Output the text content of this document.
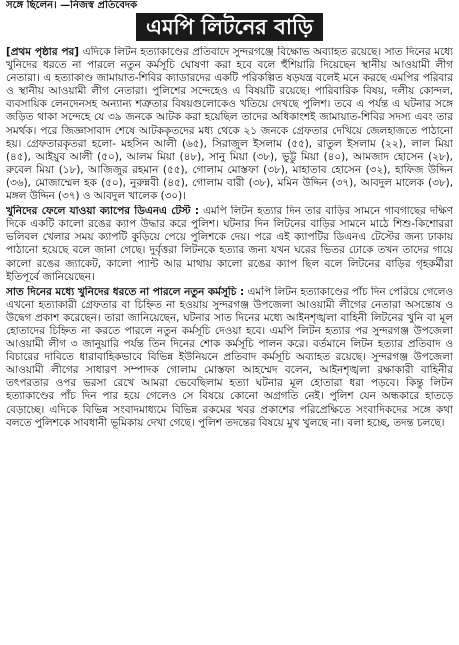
সঙ্গে ছিলেন। —নিজস্ব প্রতিবেদক
এমপি লিটনের বাড়ি

[প্রথম পৃষ্ঠার পর] এদিকে লিটন হত্যাকাণ্ডের প্রতিবাদে সুন্দরগঞ্জে বিক্ষোভ অব্যাহত রয়েছে। সাত দিনের মধ্যে খুনিদের ধরতে না পারলে নতুন কর্মসূচি ঘোষণা করা হবে বলে হুঁশিয়ারি দিয়েছেন স্থানীয় আওয়ামী লীগ নেতারা। এ হত্যাকাণ্ড জামায়াত-শিবির ক্যাডারদের একটি পরিকল্পিত ষড়যন্ত্র বলেই মনে করছে এমপির পরিবার ও স্থানীয় আওয়ামী লীগ নেতারা। পুলিশের সন্দেহেও এ বিষয়টি রয়েছে। পারিবারিক বিষয়, দলীয় কোন্দল, ব্যবসায়িক লেনদেনসহ অন্যান্য শত্রুতার বিষয়গুলোকেও খতিয়ে দেখছে পুলিশ। তবে এ পর্যন্ত এ ঘটনার সঙ্গে জড়িত থাকা সন্দেহে যে ৩৯ জনকে আটক করা হয়েছিল তাদের অধিকাংশই জামায়াত-শিবির সদস্য এবং তার সমর্থক। পরে জিজ্ঞাসাবাদ শেষে আটককৃতদের মধ্য থেকে ২১ জনকে গ্রেফতার দেখিয়ে জেলহাজতে পাঠানো হয়। গ্রেফতারকৃতরা হলো- মহসিন আলী (৬৫), সিরাজুল ইসলাম (৫৫), রাতুল ইসলাম (২২), লাল মিয়া (৪৫), আইয়ুব আলী (৫০), আলম মিয়া (৪৮), সানু মিয়া (৩৮), ভুট্টু মিয়া (৪০), আমজাদ হোসেন (২৮), রুবেল মিয়া (১৮), আজিজুর রহমান (৫৫), গোলাম মোস্তফা (৩৮), মাহাতাব হোসেন (৩২), হাফিজ উদ্দিন (৩৬), মোজাম্মেল হক (৫০), নুরুন্নবী (৪৫), গোলাম বারী (৩৮), মমিন উদ্দিন (৩৭), আবদুল মালেক (৩৮), মঙ্গল উদ্দিন (৩৭) ও আবদুল খালেক (৩০)।

খুনিদের ফেলে যাওয়া ক্যাপের ডিএনএ টেস্ট : এমপি লিটন হত্যার দিন তার বাড়ির সামনে গাবগাছের দক্ষিণ দিকে একটি কালো রঙের ক্যাপ উদ্ধার করে পুলিশ। ঘটনার দিন লিটনের বাড়ির সামনে মাঠে শিশু-কিশোররা ভলিবল খেলার সময় ক্যাপটি কুড়িয়ে পেয়ে পুলিশকে দেয়। পরে এই ক্যাপটির ডিএনএ টেস্টের জন্য ঢাকায় পাঠানো হয়েছে বলে জানা গেছে। দুর্বৃত্তরা লিটনকে হত্যার জন্য যখন ঘরের ভিতর ঢোকে তখন তাদের গায়ে কালো রঙের জ্যাকেট, কালো প্যান্ট আর মাথায় কালো রঙের ক্যাপ ছিল বলে লিটনের বাড়ির গৃহকর্মীরা ইতিপূর্বে জানিয়েছেন।

সাত দিনের মধ্যে খুনিদের ধরতে না পারলে নতুন কর্মসূচি : এমপি লিটন হত্যাকাণ্ডের পাঁচ দিন পেরিয়ে গেলেও এখনো হত্যাকারী গ্রেফতার বা চিহ্নিত না হওয়ায় সুন্দরগঞ্জ উপজেলা আওয়ামী লীগের নেতারা অসন্তোষ ও উদ্বেগ প্রকাশ করেছেন। তারা জানিয়েছেন, ঘটনার সাত দিনের মধ্যে আইনশৃঙ্খলা বাহিনী লিটনের খুনি বা মূল হোতাদের চিহ্নিত না করতে পারলে নতুন কর্মসূচি দেওয়া হবে। এমপি লিটন হত্যার পর সুন্দরগঞ্জ উপজেলা আওয়ামী লীগ ৩ জানুয়ারি পর্যন্ত তিন দিনের শোক কর্মসূচি পালন করে। বর্তমানে লিটন হত্যার প্রতিবাদ ও বিচারের দাবিতে ধারাবাহিকভাবে বিভিন্ন ইউনিয়নে প্রতিবাদ কর্মসূচি অব্যাহত রয়েছে। সুন্দরগঞ্জ উপজেলা আওয়ামী লীগের সাধারণ সম্পাদক গোলাম মোস্তফা আহম্মেদ বলেন, আইনশৃঙ্খলা রক্ষাকারী বাহিনীর তৎপরতার ওপর ভরসা রেখে আমরা ভেবেছিলাম হত্যা ঘটনার মূল হোতারা ধরা পড়বে। কিন্তু লিটন হত্যাকাণ্ডের পাঁচ দিন পার হয়ে গেলেও সে বিষয়ে কোনো অগ্রগতি নেই। পুলিশ যেন অন্ধকারে হাতড়ে বেড়াচ্ছে। এদিকে বিভিন্ন সংবাদমাধ্যমে বিভিন্ন রকমের খবর প্রকাশের পরিপ্রেক্ষিতে সংবাদিকদের সঙ্গে কথা বলতে পুলিশকে সাবধানী ভূমিকায় দেখা গেছে। পুলিশ তদন্তের বিষয়ে মুখ খুলছে না। বলা হচ্ছে, তদন্ত চলছে।
